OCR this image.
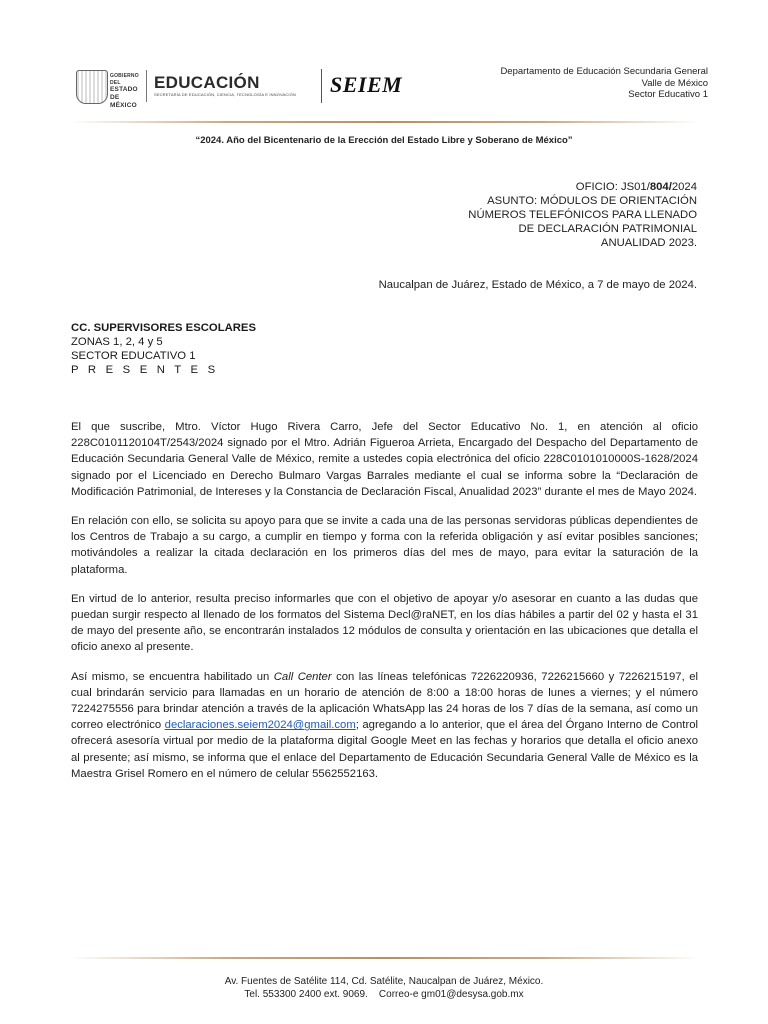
GOBIERNO DEL
ESTADO DE
MÉXICO
EDUCACIÓN
SECRETARÍA DE EDUCACIÓN, CIENCIA, TECNOLOGÍA E INNOVACIÓN SEIEM
Departamento de Educación Secundaria General
Valle de México
Sector Educativo 1
“2024. Año del Bicentenario de la Erección del Estado Libre y Soberano de México”
OFICIO: JS01/804/2024
ASUNTO: MÓDULOS DE ORIENTACIÓN
NÚMEROS TELEFÓNICOS PARA LLENADO
DE DECLARACIÓN PATRIMONIAL
ANUALIDAD 2023.
Naucalpan de Juárez, Estado de México, a 7 de mayo de 2024.
CC. SUPERVISORES ESCOLARES
ZONAS 1, 2, 4 y 5
SECTOR EDUCATIVO 1
P R E S E N T E S

El que suscribe, Mtro. Víctor Hugo Rivera Carro, Jefe del Sector Educativo No. 1, en atención al oficio 228C0101120104T/2543/2024 signado por el Mtro. Adrián Figueroa Arrieta, Encargado del Despacho del Departamento de Educación Secundaria General Valle de México, remite a ustedes copia electrónica del oficio 228C0101010000S-1628/2024 signado por el Licenciado en Derecho Bulmaro Vargas Barrales mediante el cual se informa sobre la “Declaración de Modificación Patrimonial, de Intereses y la Constancia de Declaración Fiscal, Anualidad 2023” durante el mes de Mayo 2024.

En relación con ello, se solicita su apoyo para que se invite a cada una de las personas servidoras públicas dependientes de los Centros de Trabajo a su cargo, a cumplir en tiempo y forma con la referida obligación y así evitar posibles sanciones; motivándoles a realizar la citada declaración en los primeros días del mes de mayo, para evitar la saturación de la plataforma.

En virtud de lo anterior, resulta preciso informarles que con el objetivo de apoyar y/o asesorar en cuanto a las dudas que puedan surgir respecto al llenado de los formatos del Sistema Decl@raNET, en los días hábiles a partir del 02 y hasta el 31 de mayo del presente año, se encontrarán instalados 12 módulos de consulta y orientación en las ubicaciones que detalla el oficio anexo al presente.

Así mismo, se encuentra habilitado un Call Center con las líneas telefónicas 7226220936, 7226215660 y 7226215197, el cual brindarán servicio para llamadas en un horario de atención de 8:00 a 18:00 horas de lunes a viernes; y el número 7224275556 para brindar atención a través de la aplicación WhatsApp las 24 horas de los 7 días de la semana, así como un correo electrónico declaraciones.seiem2024@gmail.com; agregando a lo anterior, que el área del Órgano Interno de Control ofrecerá asesoría virtual por medio de la plataforma digital Google Meet en las fechas y horarios que detalla el oficio anexo al presente; así mismo, se informa que el enlace del Departamento de Educación Secundaria General Valle de México es la Maestra Grisel Romero en el número de celular 5562552163.

Av. Fuentes de Satélite 114, Cd. Satélite, Naucalpan de Juárez, México.
Tel. 553300 2400 ext. 9069.    Correo-e gm01@desysa.gob.mx
